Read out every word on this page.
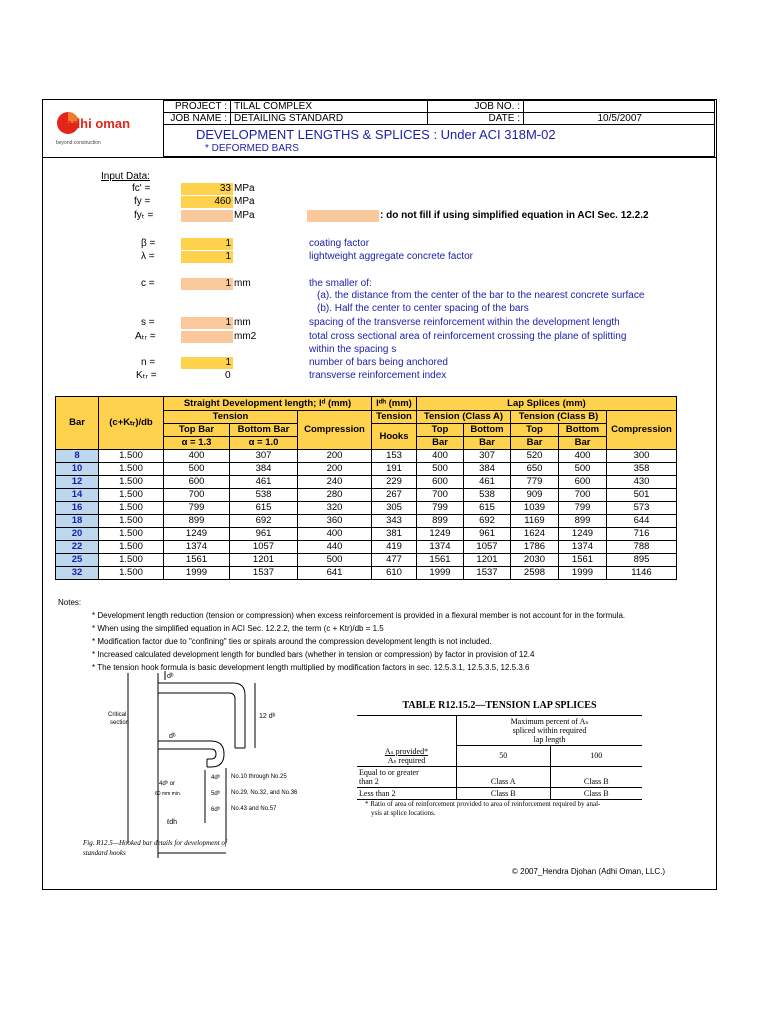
adhi oman
beyond construction
PROJECT : TILAL COMPLEX	JOB NO. :
JOB NAME : DETAILING STANDARD	DATE :	10/5/2007
DEVELOPMENT LENGTHS & SPLICES : Under ACI 318M-02
* DEFORMED BARS
Input Data:
fc' =	33 MPa
fy =	460 MPa
fyₜ =	MPa	: do not fill if using simplified equation in ACI Sec. 12.2.2
β =	1	coating factor
λ =	1	lightweight aggregate concrete factor
c =	1 mm	the smaller of:
(a). the distance from the center of the bar to the nearest concrete surface
(b). Half the center to center spacing of the bars
s =	1 mm	spacing of the transverse reinforcement within the development length
Aₜᵣ =	mm2	total cross sectional area of reinforcement crossing the plane of splitting
within the spacing s
n =	1	number of bars being anchored
Kₜᵣ =	0	transverse reinforcement index
Bar	(c+Kₜᵣ)/db	Straight Development length; lᵈ (mm)			lᵈʰ (mm)	Lap Splices (mm)				
		Tension		Compression	Tension	Tension (Class A)		Tension (Class B)		Compression
		Top Bar	Bottom Bar		Hooks	Top	Bottom	Top	Bottom	
		α = 1.3	α = 1.0			Bar	Bar	Bar	Bar	
8	1.500	400	307	200	153	400	307	520	400	300
10	1.500	500	384	200	191	500	384	650	500	358
12	1.500	600	461	240	229	600	461	779	600	430
14	1.500	700	538	280	267	700	538	909	700	501
16	1.500	799	615	320	305	799	615	1039	799	573
18	1.500	899	692	360	343	899	692	1169	899	644
20	1.500	1249	961	400	381	1249	961	1624	1249	716
22	1.500	1374	1057	440	419	1374	1057	1786	1374	788
25	1.500	1561	1201	500	477	1561	1201	2030	1561	895
32	1.500	1999	1537	641	610	1999	1537	2598	1999	1146
Notes:
* Development length reduction (tension or compression) when excess reinforcement is provided in a flexural member is not account for in the formula.
* When using the simplified equation in ACI Sec. 12.2.2, the term (c + Ktr)/db = 1.5
* Modification factor due to "confining" ties or spirals around the compression development length is not included.
* Increased calculated development length for bundled bars (whether in tension or compression) by factor in provision of 12.4
* The tension hook formula is basic development length multiplied by modification factors in sec. 12.5.3.1, 12.5.3.5, 12.5.3.6
dᵇ
12 dᵇ
Critical
section
dᵇ
4dᵇ or
60 mm min.
4dᵇ
5dᵇ
6dᵇ
No.10 through No.25
No.29, No.32, and No.36
No.43 and No.57
ℓdh
Fig. R12.5—Hooked bar details for development of
standard hooks
TABLE R12.15.2—TENSION LAP SPLICES

	Maximum percent of Aₛ
spliced within required
lap length	

Aₛ provided*
Aₛ required	50	100

Equal to or greater
than 2	Class A	Class B
Less than 2	Class B	Class B
* Ratio of area of reinforcement provided to area of reinforcement required by anal-
ysis at splice locations.
© 2007_Hendra Djohan (Adhi Oman, LLC.)
